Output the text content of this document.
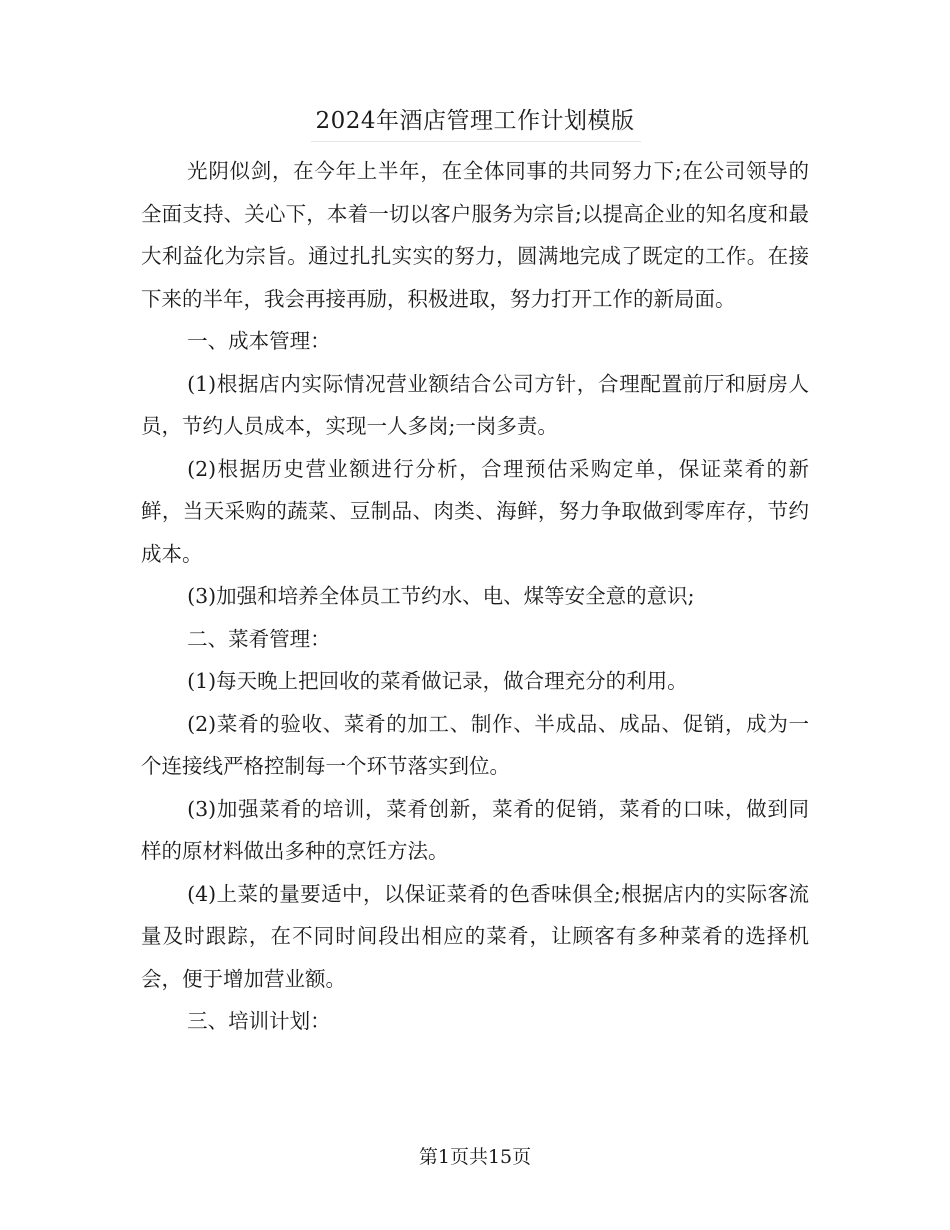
2024年酒店管理工作计划模版

光阴似剑，在今年上半年，在全体同事的共同努力下;在公司领导的全面支持、关心下，本着一切以客户服务为宗旨;以提高企业的知名度和最大利益化为宗旨。通过扎扎实实的努力，圆满地完成了既定的工作。在接下来的半年，我会再接再励，积极进取，努力打开工作的新局面。

一、成本管理：

(1)根据店内实际情况营业额结合公司方针，合理配置前厅和厨房人员，节约人员成本，实现一人多岗;一岗多责。

(2)根据历史营业额进行分析，合理预估采购定单，保证菜肴的新鲜，当天采购的蔬菜、豆制品、肉类、海鲜，努力争取做到零库存，节约成本。

(3)加强和培养全体员工节约水、电、煤等安全意的意识;

二、菜肴管理：

(1)每天晚上把回收的菜肴做记录，做合理充分的利用。

(2)菜肴的验收、菜肴的加工、制作、半成品、成品、促销，成为一个连接线严格控制每一个环节落实到位。

(3)加强菜肴的培训，菜肴创新，菜肴的促销，菜肴的口味，做到同样的原材料做出多种的烹饪方法。

(4)上菜的量要适中，以保证菜肴的色香味俱全;根据店内的实际客流量及时跟踪，在不同时间段出相应的菜肴，让顾客有多种菜肴的选择机会，便于增加营业额。

三、培训计划：

第1页共15页
